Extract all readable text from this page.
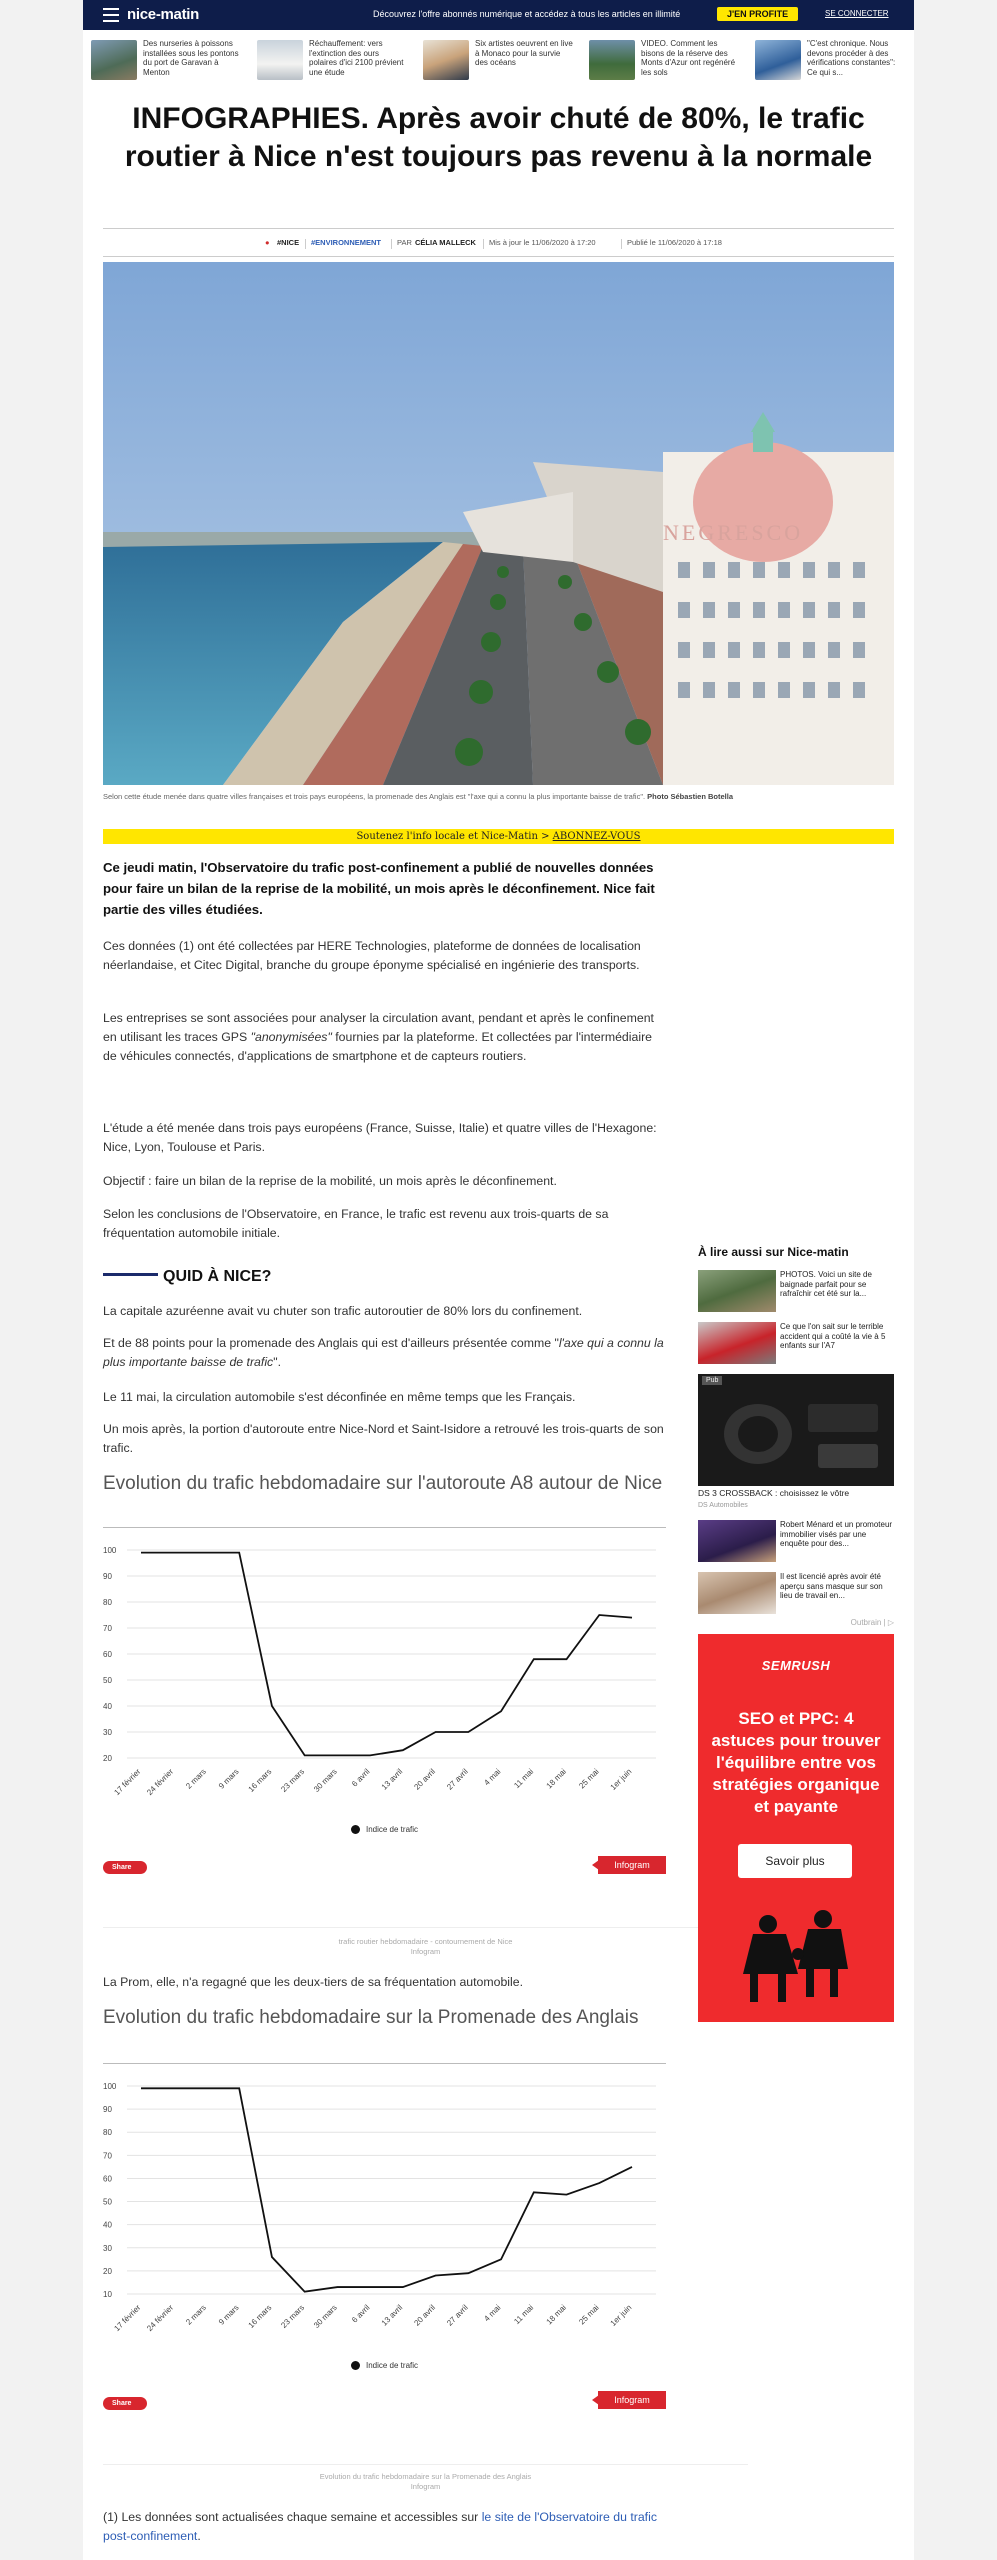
nice-matin	Découvrez l'offre abonnés numérique et accédez à tous les articles en illimité	J'EN PROFITE	SE CONNECTER
Des nurseries à poissons installées sous les pontons du port de Garavan à Menton
Réchauffement: vers l'extinction des ours polaires d'ici 2100 prévient une étude
Six artistes oeuvrent en live à Monaco pour la survie des océans
VIDEO. Comment les bisons de la réserve des Monts d'Azur ont regénéré les sols
"C'est chronique. Nous devons procéder à des vérifications constantes": Ce qui s...
INFOGRAPHIES. Après avoir chuté de 80%, le trafic routier à Nice n'est toujours pas revenu à la normale
● #NICE #ENVIRONNEMENT PAR CÉLIA MALLECK Mis à jour le 11/06/2020 à 17:20	Publié le 11/06/2020 à 17:18
NEGRESCO
Selon cette étude menée dans quatre villes françaises et trois pays européens, la promenade des Anglais est "l'axe qui a connu la plus importante baisse de trafic". Photo Sébastien Botella
Soutenez l'info locale et Nice-Matin > ABONNEZ-VOUS

Ce jeudi matin, l'Observatoire du trafic post-confinement a publié de nouvelles données pour faire un bilan de la reprise de la mobilité, un mois après le déconfinement. Nice fait partie des villes étudiées.

Ces données (1) ont été collectées par HERE Technologies, plateforme de données de localisation néerlandaise, et Citec Digital, branche du groupe éponyme spécialisé en ingénierie des transports.

Les entreprises se sont associées pour analyser la circulation avant, pendant et après le confinement en utilisant les traces GPS "anonymisées" fournies par la plateforme. Et collectées par l'intermédiaire de véhicules connectés, d'applications de smartphone et de capteurs routiers.

L'étude a été menée dans trois pays européens (France, Suisse, Italie) et quatre villes de l'Hexagone: Nice, Lyon, Toulouse et Paris.

Objectif : faire un bilan de la reprise de la mobilité, un mois après le déconfinement.

Selon les conclusions de l'Observatoire, en France, le trafic est revenu aux trois-quarts de sa fréquentation automobile initiale.

QUID À NICE?

La capitale azuréenne avait vu chuter son trafic autoroutier de 80% lors du confinement.

Et de 88 points pour la promenade des Anglais qui est d'ailleurs présentée comme "l'axe qui a connu la plus importante baisse de trafic".

Le 11 mai, la circulation automobile s'est déconfinée en même temps que les Français.

Un mois après, la portion d'autoroute entre Nice-Nord et Saint-Isidore a retrouvé les trois-quarts de son trafic.

Evolution du trafic hebdomadaire sur l'autoroute A8 autour de Nice
20
30
40
50
60
70
80
90
100
17 février 24 février 2 mars 9 mars 16 mars 23 mars 30 mars 6 avril 13 avril 20 avril 27 avril 4 mai 11 mai 18 mai 25 mai 1er juin
Indice de trafic
Share	Infogram
trafic routier hebdomadaire - contournement de Nice
Infogram

La Prom, elle, n'a regagné que les deux-tiers de sa fréquentation automobile.

Evolution du trafic hebdomadaire sur la Promenade des Anglais
10
20
30
40
50
60
70
80
90
100
17 février 24 février 2 mars 9 mars 16 mars 23 mars 30 mars 6 avril 13 avril 20 avril 27 avril 4 mai 11 mai 18 mai 25 mai 1er juin
Indice de trafic
Share	Infogram
Evolution du trafic hebdomadaire sur la Promenade des Anglais
Infogram

(1) Les données sont actualisées chaque semaine et accessibles sur le site de l'Observatoire du trafic post-confinement.

À lire aussi sur Nice-matin
PHOTOS. Voici un site de baignade parfait pour se rafraîchir cet été sur la...
Ce que l'on sait sur le terrible accident qui a coûté la vie à 5 enfants sur l'A7
Pub
DS 3 CROSSBACK : choisissez le vôtre
DS Automobiles
Robert Ménard et un promoteur immobilier visés par une enquête pour des...
Il est licencié après avoir été aperçu sans masque sur son lieu de travail en...
Outbrain | ▷
SEMRUSH
SEO et PPC: 4 astuces pour trouver l'équilibre entre vos stratégies organique et payante
Savoir plus
